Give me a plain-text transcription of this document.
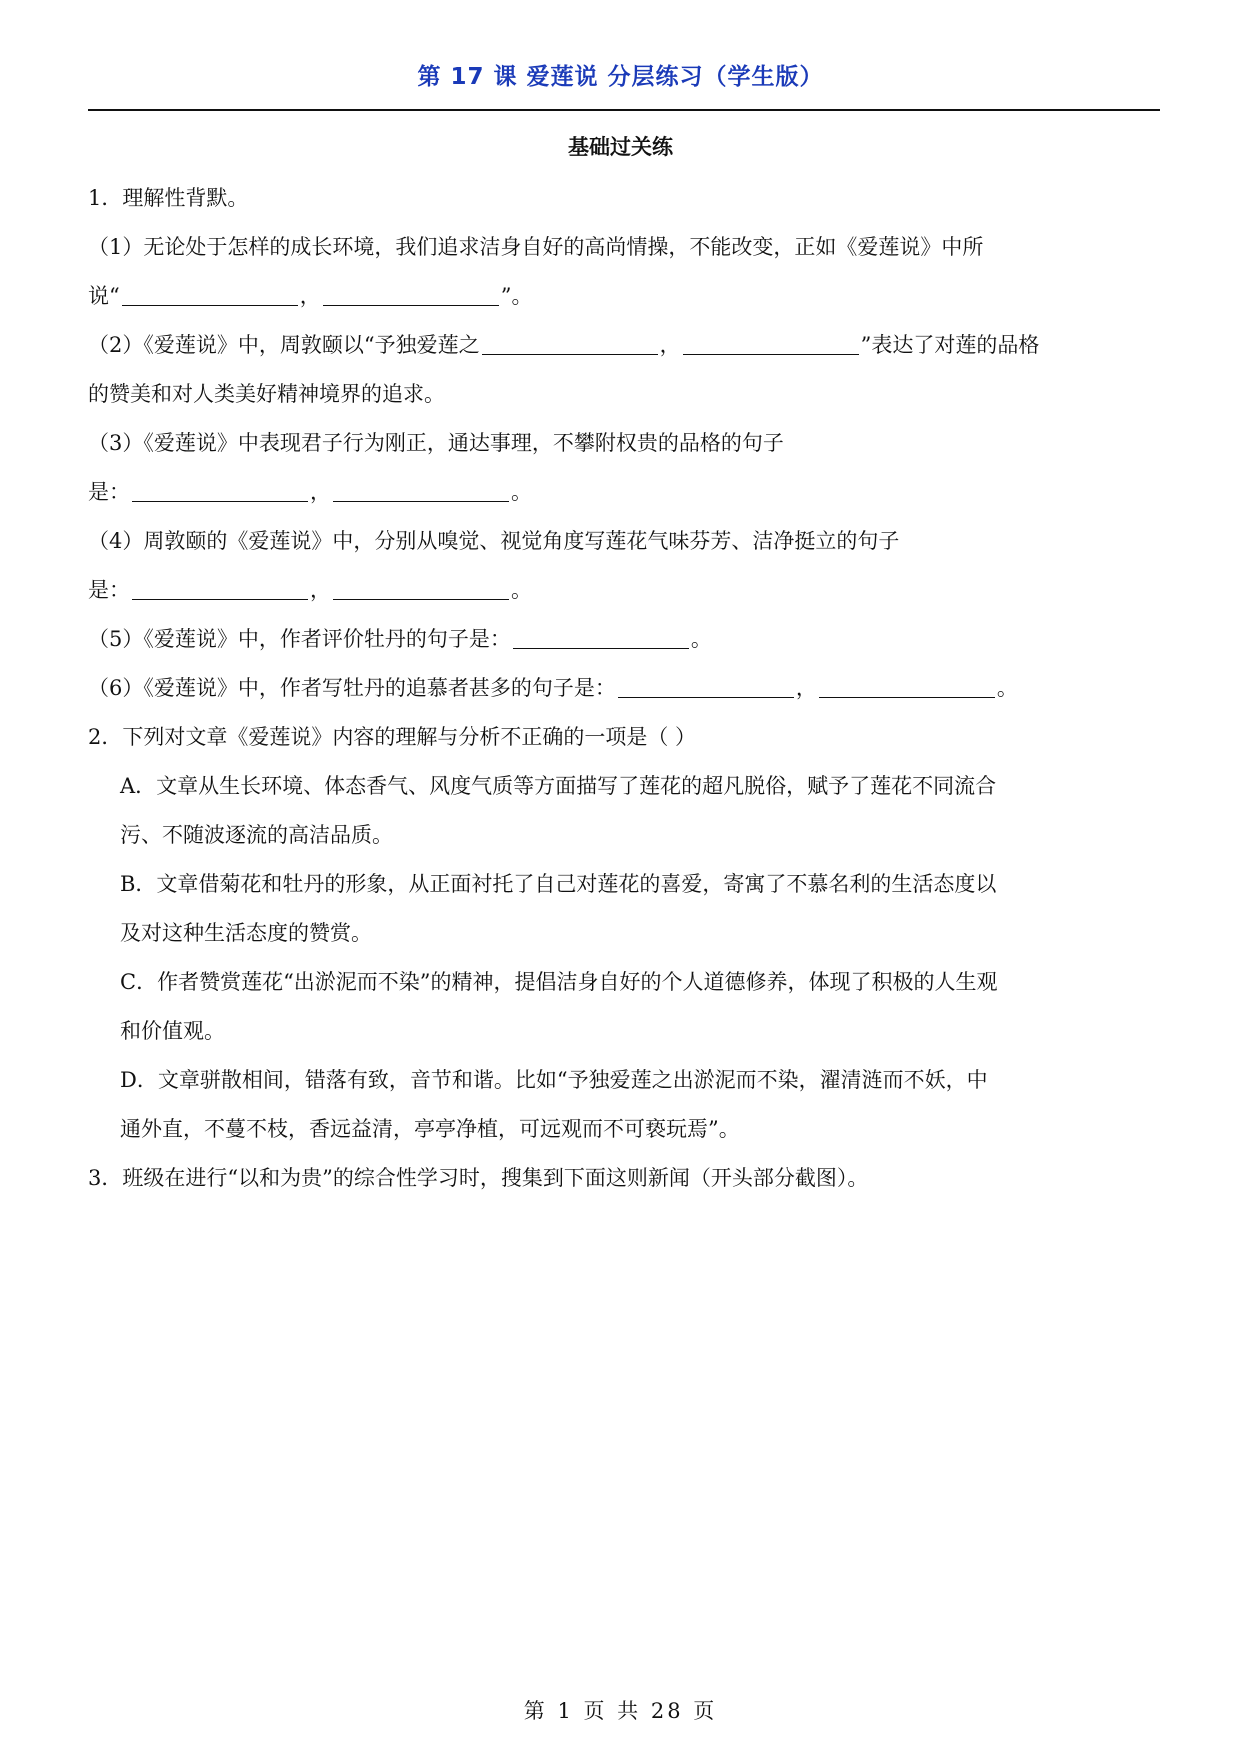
第 17 课 爱莲说 分层练习（学生版）
基础过关练

1．理解性背默。

（1）无论处于怎样的成长环境，我们追求洁身自好的高尚情操，不能改变，正如《爱莲说》中所

说“	，	”。

（2）《爱莲说》中，周敦颐以“予独爱莲之	，	”表达了对莲的品格

的赞美和对人类美好精神境界的追求。

（3）《爱莲说》中表现君子行为刚正，通达事理，不攀附权贵的品格的句子

是：	，	。

（4）周敦颐的《爱莲说》中，分别从嗅觉、视觉角度写莲花气味芬芳、洁净挺立的句子

是：	，	。

（5）《爱莲说》中，作者评价牡丹的句子是：	。

（6）《爱莲说》中，作者写牡丹的追慕者甚多的句子是：	，	。

2．下列对文章《爱莲说》内容的理解与分析不正确的一项是（ ）

A．文章从生长环境、体态香气、风度气质等方面描写了莲花的超凡脱俗，赋予了莲花不同流合

污、不随波逐流的高洁品质。

B．文章借菊花和牡丹的形象，从正面衬托了自己对莲花的喜爱，寄寓了不慕名利的生活态度以

及对这种生活态度的赞赏。

C．作者赞赏莲花“出淤泥而不染”的精神，提倡洁身自好的个人道德修养，体现了积极的人生观

和价值观。

D．文章骈散相间，错落有致，音节和谐。比如“予独爱莲之出淤泥而不染，濯清涟而不妖，中

通外直，不蔓不枝，香远益清，亭亭净植，可远观而不可亵玩焉”。

3．班级在进行“以和为贵”的综合性学习时，搜集到下面这则新闻（开头部分截图）。

第 1 页 共 28 页
